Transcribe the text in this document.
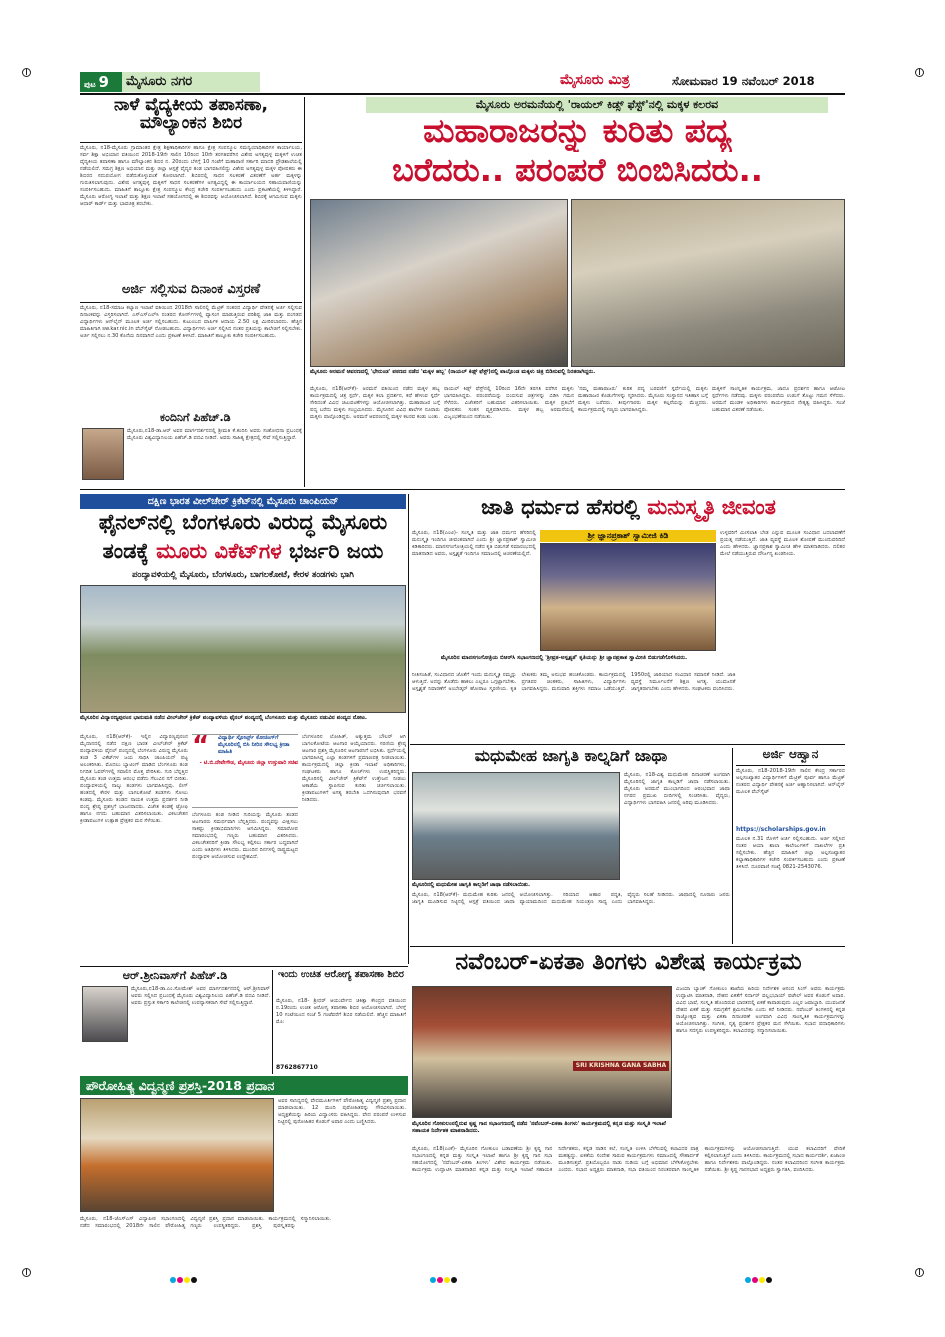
ಪುಟ 9	ಮೈಸೂರು ನಗರ	ಮೈಸೂರು ಮಿತ್ರ	ಸೋಮವಾರ 19 ನವೆಂಬರ್ 2018
ನಾಳೆ ವೈದ್ಯಕೀಯ ತಪಾಸಣಾ, ಮೌಲ್ಯಾಂಕನ ಶಿಬಿರ
ಮೈಸೂರು, ನ18-ಮೈಸೂರು ಗ್ರಾಮಾಂತರ ಕ್ಷೇತ್ರ ಶಿಕ್ಷಣಾಧಿಕಾರಿಗಳ ಹಾಗೂ ಕ್ಷೇತ್ರ ಸಂಪನ್ಮೂಲ ಸಮನ್ವಯಾಧಿಕಾರಿಗಳ ಕಾರ್ಯಾಲಯ, ಸರ್ವ ಶಿಕ್ಷಾ ಅಭಿಯಾನ ವತಿಯಿಂದ 2018-19ನೇ ಸಾಲಿನ 10ರಿಂದ 10ನೇ ತರಗತಿವರೆಗಿನ ವಿಶೇಷ ಅಗತ್ಯವುಳ್ಳ ಮಕ್ಕಳಿಗೆ ಉಚಿತ ವೈದ್ಯಕೀಯ ತಪಾಸಣಾ ಹಾಗೂ ಮೌಲ್ಯಾಂಕನ ಶಿಬಿರ ನ. 20ರಂದು ಬೆಳಗ್ಗೆ 10 ಗಂಟೆಗೆ ಮಹಾರಾಣಿ ಸರ್ಕಾರಿ ಮಾದರಿ ಪ್ರೌಢಶಾಲೆಯಲ್ಲಿ ನಡೆಯಲಿದೆ. ಸಮಗ್ರ ಶಿಕ್ಷಣ ಅಭಿಯಾನ ಮತ್ತು ಜಿಲ್ಲಾ ಆಸ್ಪತ್ರೆ ವೈದ್ಯರ ತಂಡ ಭಾಗವಹಿಸಲಿದ್ದು ವಿಶೇಷ ಅಗತ್ಯವುಳ್ಳ ಮಕ್ಕಳ ಪೋಷಕರು ಈ ಶಿಬಿರದ ಸದುಪಯೋಗ ಪಡೆದುಕೊಳ್ಳುವಂತೆ ಕೋರಲಾಗಿದೆ. ಶಿಬಿರದಲ್ಲಿ ಸಾಧನ ಸಲಕರಣೆ ವಿತರಣೆಗೆ ಅರ್ಹ ಮಕ್ಕಳನ್ನು ಗುರುತಿಸಲಾಗುವುದು. ವಿಶೇಷ ಅಗತ್ಯವುಳ್ಳ ಮಕ್ಕಳಿಗೆ ಸಾಧನ ಸಲಕರಣೆಗಳ ಅಗತ್ಯವಿದ್ದಲ್ಲಿ ಈ ಕಾರ್ಯಾಲಯದ ಸಹಾಯವಾಣಿಯನ್ನು ಸಂಪರ್ಕಿಸಬಹುದು. ಮಾಹಿತಿಗೆ ತಾಲ್ಲೂಕು ಕ್ಷೇತ್ರ ಸಂಪನ್ಮೂಲ ಕೇಂದ್ರ ಕಚೇರಿ ಸಂಪರ್ಕಿಸಬಹುದು ಎಂದು ಪ್ರಕಟಣೆಯಲ್ಲಿ ತಿಳಿಸಿದ್ದಾರೆ. ಮೈಸೂರು ಆರೋಗ್ಯ ಇಲಾಖೆ ಮತ್ತು ಶಿಕ್ಷಣ ಇಲಾಖೆ ಸಹಯೋಗದಲ್ಲಿ ಈ ಶಿಬಿರವನ್ನು ಆಯೋಜಿಸಲಾಗಿದೆ. ಶಿಬಿರಕ್ಕೆ ಆಗಮಿಸುವ ಮಕ್ಕಳು ಆಧಾರ್ ಕಾರ್ಡ್ ಮತ್ತು ಭಾವಚಿತ್ರ ತರಬೇಕು.
ಅರ್ಜಿ ಸಲ್ಲಿಸುವ ದಿನಾಂಕ ವಿಸ್ತರಣೆ
ಮೈಸೂರು, ನ18-ಸಮಾಜ ಕಲ್ಯಾಣ ಇಲಾಖೆ ವತಿಯಿಂದ 2018ನೇ ಸಾಲಿನಲ್ಲಿ ಮೆಟ್ರಿಕ್ ನಂತರದ ವಿದ್ಯಾರ್ಥಿ ವೇತನಕ್ಕೆ ಅರ್ಜಿ ಸಲ್ಲಿಸುವ ದಿನಾಂಕವನ್ನು ವಿಸ್ತರಿಸಲಾಗಿದೆ. ಎಸ್ಎಸ್ಎಲ್‌ಸಿ ನಂತರದ ಕೋರ್ಸ್‌ಗಳಲ್ಲಿ ವ್ಯಾಸಂಗ ಮಾಡುತ್ತಿರುವ ಪರಿಶಿಷ್ಟ ಜಾತಿ ಮತ್ತು ಪಂಗಡದ ವಿದ್ಯಾರ್ಥಿಗಳು ಆನ್‌ಲೈನ್ ಮೂಲಕ ಅರ್ಜಿ ಸಲ್ಲಿಸಬಹುದು. ಕುಟುಂಬದ ವಾರ್ಷಿಕ ಆದಾಯ 2.50 ಲಕ್ಷ ಮೀರಿರಬಾರದು. ಹೆಚ್ಚಿನ ಮಾಹಿತಿಗಾಗಿ sw.kar.nic.in ವೆಬ್‌ಸೈಟ್ ನೋಡಬಹುದು. ವಿದ್ಯಾರ್ಥಿಗಳು ಅರ್ಜಿ ಸಲ್ಲಿಸಿದ ನಂತರ ಪ್ರತಿಯನ್ನು ಕಾಲೇಜಿಗೆ ಸಲ್ಲಿಸಬೇಕು. ಅರ್ಜಿ ಸಲ್ಲಿಸಲು ನ.30 ಕೊನೆಯ ದಿನವಾಗಿದೆ ಎಂದು ಪ್ರಕಟಣೆ ತಿಳಿಸಿದೆ. ಮಾಹಿತಿಗೆ ತಾಲ್ಲೂಕು ಕಚೇರಿ ಸಂಪರ್ಕಿಸಬಹುದು.
ಕಂದಿನಿಗೆ ಪಿಹೆಚ್.ಡಿ
ಮೈಸೂರು,ನ18-ಡಾ.ಆರ್ ಅವರ ಮಾರ್ಗದರ್ಶನದಲ್ಲಿ ಶ್ರೀಮತಿ ಕೆ.ಕಂದಿನಿ ಅವರು ಸಂಶೋಧನಾ ಪ್ರಬಂಧಕ್ಕೆ ಮೈಸೂರು ವಿಶ್ವವಿದ್ಯಾನಿಲಯ ಪಿಹೆಚ್.ಡಿ ಪದವಿ ನೀಡಿದೆ. ಅವರು ಸಾಹಿತ್ಯ ಕ್ಷೇತ್ರದಲ್ಲಿ ಸೇವೆ ಸಲ್ಲಿಸುತ್ತಿದ್ದಾರೆ.
ಮೈಸೂರು ಅರಮನೆಯಲ್ಲಿ 'ರಾಯಲ್ ಕಿಡ್ಸ್ ಫೆಸ್ಟ್'ನಲ್ಲಿ ಮಕ್ಕಳ ಕಲರವ
ಮಹಾರಾಜರನ್ನು ಕುರಿತು ಪದ್ಯ
ಬರೆದರು.. ಪರಂಪರೆ ಬಿಂಬಿಸಿದರು..
ಮೈಸೂರು ಅರಮನೆ ಆವರಣದಲ್ಲಿ 'ಭೇರುಂಡ' ಪಠಣದ ನಡೆದ 'ಮಕ್ಕಳ ಹಬ್ಬ' (ರಾಯಲ್ ಕಿಡ್ಸ್ ಫೆಸ್ಟ್)ನಲ್ಲಿ ಪಾಲ್ಗೊಂಡ ಮಕ್ಕಳು ಚಿತ್ರ ಬಿಡಿಸುವಲ್ಲಿ ನಿರತರಾಗಿದ್ದರು.
ಮೈಸೂರು, ನ18(ಆರ್‌ಕೆ)- ಅರಮನೆ ವತಿಯಿಂದ ನಡೆದ ಮಕ್ಕಳ ಹಬ್ಬ ಕಾರ್ಯಕ್ರಮದಲ್ಲಿ ಚಿತ್ರ ಸ್ಪರ್ಧೆ, ಮಕ್ಕಳ ಕಲಾ ಪ್ರದರ್ಶನ, ಕಥೆ ಹೇಳುವ ಸ್ಪರ್ಧೆ ಸೇರಿದಂತೆ ವಿವಿಧ ಚಟುವಟಿಕೆಗಳನ್ನು ಆಯೋಜಿಸಲಾಗಿತ್ತು. ಮಹಾರಾಜರ ಬಗ್ಗೆ ಪದ್ಯ ಬರೆದು ಮಕ್ಕಳು ಸಂಭ್ರಮಿಸಿದರು. ಮೈಸೂರಿನ ವಿವಿಧ ಶಾಲೆಗಳ ನೂರಾರು ಮಕ್ಕಳು ಪಾಲ್ಗೊಂಡಿದ್ದರು. ಅರಮನೆ ಆವರಣದಲ್ಲಿ ಮಕ್ಕಳ ಕಲರವ ಕಂಡು ಬಂತು.
ರಾಯಲ್ ಕಿಡ್ಸ್ ಫೆಸ್ಟ್‌ನಲ್ಲಿ 10ರಿಂದ 16ನೇ ತರಗತಿ ವರೆಗಿನ ಮಕ್ಕಳು ಭಾಗವಹಿಸಿದ್ದರು. ಪರಂಪರೆಯನ್ನು ಬಿಂಬಿಸುವ ಚಿತ್ರಗಳನ್ನು ಬಿಡಿಸಿ ಗಮನ ಸೆಳೆದರು. ವಿಜೇತರಿಗೆ ಬಹುಮಾನ ವಿತರಿಸಲಾಯಿತು. ಮಕ್ಕಳ ಪ್ರತಿಭೆಗೆ ಪೋಷಕರು ಸಂತಸ ವ್ಯಕ್ತಪಡಿಸಿದರು. ಮಕ್ಕಳ ಹಬ್ಬ ಅರಮನೆಯಲ್ಲಿ ವಿಜೃಂಭಣೆಯಿಂದ ನಡೆಯಿತು.
'ನಮ್ಮ ಮಹಾರಾಜರು' ಕುರಿತ ಪದ್ಯ ಬರವಣಿಗೆ ಸ್ಪರ್ಧೆಯಲ್ಲಿ ಮಕ್ಕಳು ಮಹಾರಾಜರ ಕೊಡುಗೆಗಳನ್ನು ಸ್ಮರಿಸಿದರು. ಮೈಸೂರು ಸಂಸ್ಥಾನದ ಇತಿಹಾಸ ಬಗ್ಗೆ ಮಕ್ಕಳು ಬರೆದರು. ತೀರ್ಪುಗಾರರು ಮಕ್ಕಳ ಕಲ್ಪನೆಯನ್ನು ಮೆಚ್ಚಿದರು. ಕಾರ್ಯಕ್ರಮದಲ್ಲಿ ಗಣ್ಯರು ಭಾಗವಹಿಸಿದ್ದರು.
ಮಕ್ಕಳಿಗೆ ಸಾಂಸ್ಕೃತಿಕ ಕಾರ್ಯಕ್ರಮ, ಜಾದೂ ಪ್ರದರ್ಶನ ಹಾಗೂ ಆಟೋಟ ಸ್ಪರ್ಧೆಗಳು ನಡೆದವು. ಮಕ್ಕಳು ಪರಂಪರೆಯ ಉಡುಗೆ ತೊಟ್ಟು ಗಮನ ಸೆಳೆದರು. ಅರಮನೆ ಮಂಡಳಿ ಅಧಿಕಾರಿಗಳು ಕಾರ್ಯಕ್ರಮದ ನೇತೃತ್ವ ವಹಿಸಿದ್ದರು. ಸಂಜೆ ಬಹುಮಾನ ವಿತರಣೆ ನಡೆಯಿತು.
ದಕ್ಷಿಣ ಭಾರತ ವೀಲ್‌ಚೇರ್ ಕ್ರಿಕೆಟ್‌ನಲ್ಲಿ ಮೈಸೂರು ಚಾಂಪಿಯನ್
ಫೈನಲ್‌ನಲ್ಲಿ ಬೆಂಗಳೂರು ವಿರುದ್ಧ ಮೈಸೂರು
ತಂಡಕ್ಕೆ ಮೂರು ವಿಕೆಟ್‌ಗಳ ಭರ್ಜರಿ ಜಯ
ಪಂದ್ಯಾವಳಿಯಲ್ಲಿ ಮೈಸೂರು, ಬೆಂಗಳೂರು, ಬಾಗಲಕೋಟೆ, ಕೇರಳ ತಂಡಗಳು ಭಾಗಿ
ಮೈಸೂರಿನ ವಿದ್ಯಾರಣ್ಯಪುರಂನ ಭಾನುಮತಿ ನಡೆದ ವೀಲ್‌ಚೇರ್ ಕ್ರಿಕೆಟ್ ಪಂದ್ಯಾವಳಿಯ ಫೈನಲ್ ಪಂದ್ಯದಲ್ಲಿ ಬೆಂಗಳೂರು ಮತ್ತು ಮೈಸೂರು ನಡುವಿನ ಪಂದ್ಯದ ನೋಟ.
ಮೈಸೂರು, ನ18(ಆರ್‌ಕೆ)- ಇಲ್ಲಿನ ವಿದ್ಯಾರಣ್ಯಪುರಂನ ಮೈದಾನದಲ್ಲಿ ನಡೆದ ದಕ್ಷಿಣ ಭಾರತ ವೀಲ್‌ಚೇರ್ ಕ್ರಿಕೆಟ್ ಪಂದ್ಯಾವಳಿಯ ಫೈನಲ್ ಪಂದ್ಯದಲ್ಲಿ ಬೆಂಗಳೂರು ವಿರುದ್ಧ ಮೈಸೂರು ತಂಡ 3 ವಿಕೆಟ್‌ಗಳ ಜಯ ಸಾಧಿಸಿ ಚಾಂಪಿಯನ್ ಪಟ್ಟ ಅಲಂಕರಿಸಿತು. ಮೊದಲು ಬ್ಯಾಟಿಂಗ್ ಮಾಡಿದ ಬೆಂಗಳೂರು ತಂಡ ನಿಗದಿತ ಓವರ್‌ಗಳಲ್ಲಿ ಸವಾಲಿನ ಮೊತ್ತ ಪೇರಿಸಿತು. ಗುರಿ ಬೆನ್ನತ್ತಿದ ಮೈಸೂರು ತಂಡ ಉತ್ತಮ ಆರಂಭ ಪಡೆದು ಗೆಲುವಿನ ನಗೆ ಬೀರಿತು. ಪಂದ್ಯಾವಳಿಯಲ್ಲಿ ನಾಲ್ಕು ತಂಡಗಳು ಭಾಗವಹಿಸಿದ್ದವು. ಲೀಗ್ ಹಂತದಲ್ಲಿ ಕೇರಳ ಮತ್ತು ಬಾಗಲಕೋಟೆ ತಂಡಗಳು ಸೋಲು ಕಂಡವು. ಮೈಸೂರು ತಂಡದ ನಾಯಕ ಉತ್ತಮ ಪ್ರದರ್ಶನ ನೀಡಿ ಪಂದ್ಯ ಶ್ರೇಷ್ಠ ಪ್ರಶಸ್ತಿಗೆ ಭಾಜನರಾದರು. ವಿಜೇತ ತಂಡಕ್ಕೆ ಟ್ರೋಫಿ ಹಾಗೂ ನಗದು ಬಹುಮಾನ ವಿತರಿಸಲಾಯಿತು. ವಿಕಲಚೇತನ ಕ್ರೀಡಾಪಟುಗಳ ಉತ್ಸಾಹ ಪ್ರೇಕ್ಷಕರ ಮನ ಸೆಳೆಯಿತು.
“	ವಿದ್ಯಾರ್ಥಿ ಸ್ಪೋರ್ಟ್ಸ್ ಕೋಚಿಂಗ್‌ಗೆ ಮೈಸೂರಿನಲ್ಲಿ ಬಿಸಿ ನೀರಿನ ಸೌಲಭ್ಯ ಕ್ರೀಡಾ ಮಾಹಿತಿ
- ಟಿ.ಬಿ.ದೇವೇಗೌಡ, ಮೈಸೂರು ಜಿಲ್ಲಾ ಉಸ್ತುವಾರಿ ಸಚಿವ
ಬೆಂಗಳೂರು ತಂಡ ನೀಡಿದ ಗುರಿಯನ್ನು ಮೈಸೂರು ತಂಡದ ಆಟಗಾರರು ಸಮರ್ಥವಾಗಿ ಬೆನ್ನತ್ತಿದರು. ಪಂದ್ಯವನ್ನು ವೀಕ್ಷಿಸಲು ಸಾಕಷ್ಟು ಕ್ರೀಡಾಭಿಮಾನಿಗಳು ಆಗಮಿಸಿದ್ದರು. ಸಮಾರೋಪ ಸಮಾರಂಭದಲ್ಲಿ ಗಣ್ಯರು ಬಹುಮಾನ ವಿತರಿಸಿದರು. ವಿಕಲಚೇತನರಿಗೆ ಕ್ರೀಡಾ ಸೌಲಭ್ಯ ಕಲ್ಪಿಸಲು ಸರ್ಕಾರ ಬದ್ಧವಾಗಿದೆ ಎಂದು ಅತಿಥಿಗಳು ತಿಳಿಸಿದರು. ಮುಂದಿನ ದಿನಗಳಲ್ಲಿ ರಾಷ್ಟ್ರಮಟ್ಟದ ಪಂದ್ಯಾವಳಿ ಆಯೋಜಿಸುವ ಉದ್ದೇಶವಿದೆ.
ಬೆಂಗಳೂರಿನ ಲೋಹಿತ್, ಅತ್ಯುತ್ತಮ ಬೌಲರ್ ಆಗಿ ಬಾಗಲಕೋಟೆಯ ಆಟಗಾರ ಆಯ್ಕೆಯಾದರು. ಸರಣಿಯ ಶ್ರೇಷ್ಠ ಆಟಗಾರ ಪ್ರಶಸ್ತಿ ಮೈಸೂರಿನ ಆಟಗಾರನಿಗೆ ಲಭಿಸಿತು. ಸ್ಪರ್ಧೆಯಲ್ಲಿ ಭಾಗವಹಿಸಿದ್ದ ಎಲ್ಲಾ ತಂಡಗಳಿಗೆ ಪ್ರಮಾಣಪತ್ರ ನೀಡಲಾಯಿತು. ಕಾರ್ಯಕ್ರಮದಲ್ಲಿ ಜಿಲ್ಲಾ ಕ್ರೀಡಾ ಇಲಾಖೆ ಅಧಿಕಾರಿಗಳು, ಸಂಘಟಕರು ಹಾಗೂ ಕೋಚ್‌ಗಳು ಉಪಸ್ಥಿತರಿದ್ದರು. ಮೈಸೂರಿನಲ್ಲಿ ವೀಲ್‌ಚೇರ್ ಕ್ರಿಕೆಟ್‌ಗೆ ಉತ್ತೇಜನ ನೀಡಲು ಅಕಾಡೆಮಿ ಸ್ಥಾಪಿಸುವ ಕುರಿತು ಚರ್ಚಿಸಲಾಯಿತು. ಕ್ರೀಡಾಪಟುಗಳಿಗೆ ಅಗತ್ಯ ತರಬೇತಿ ಒದಗಿಸುವುದಾಗಿ ಭರವಸೆ ನೀಡಿದರು.
ಜಾತಿ ಧರ್ಮದ ಹೆಸರಲ್ಲಿ ಮನುಸ್ಮೃತಿ ಜೀವಂತ
ಮೈಸೂರು, ನ18(ಎಂಟಿ)- ಸಂಸ್ಕೃತಿ ಮತ್ತು ಜಾತಿ ಧರ್ಮದ ಹೆಸರಿನಲ್ಲಿ ಮನುಸ್ಮೃತಿ ಇಂದಿಗೂ ಜೀವಂತವಾಗಿದೆ ಎಂದು ಶ್ರೀ ಜ್ಞಾನಪ್ರಕಾಶ್ ಸ್ವಾಮೀಜಿ ಕಿಡಿಕಾರಿದರು. ಮಾನಸಗಂಗೋತ್ರಿಯಲ್ಲಿ ನಡೆದ ಕೃತಿ ಬಿಡುಗಡೆ ಸಮಾರಂಭದಲ್ಲಿ ಮಾತನಾಡಿದ ಅವರು, ಅಸ್ಪೃಶ್ಯತೆ ಇಂದಿಗೂ ಸಮಾಜದಲ್ಲಿ ಆಚರಣೆಯಲ್ಲಿದೆ.
ಶ್ರೀ ಜ್ಞಾನಪ್ರಕಾಶ್ ಸ್ವಾಮೀಜಿ ಕಿಡಿ	ಉಳ್ಳವರಿಗೆ ಮೀಸಲಾತಿ ಬೇಡ ಎನ್ನುವ ಮೂಲಕ ಸಂವಿಧಾನ ಬದಲಾವಣೆಗೆ ಪ್ರಯತ್ನ ನಡೆಯುತ್ತಿದೆ. ಜಾತಿ ವ್ಯವಸ್ಥೆ ಮೂಲಕ ಶೋಷಣೆ ಮುಂದುವರಿದಿದೆ ಎಂದು ಹೇಳಿದರು. ಜ್ಞಾನಪ್ರಕಾಶ ಸ್ವಾಮೀಜಿ ಹೇಳಿ ಮಾತನಾಡಿದರು. ದಲಿತರ ಮೇಲೆ ನಡೆಯುತ್ತಿರುವ ದೌರ್ಜನ್ಯ ಖಂಡನೀಯ.
ಮೈಸೂರಿನ ಮಾನಸಗಂಗೋತ್ರಿಯ ಬಿಆರ್‌ಸಿ ಸಭಾಂಗಣದಲ್ಲಿ 'ಶ್ರೀವ್ರತ-ಅಸ್ಪೃಶ್ಯತೆ' ಕೃತಿಯನ್ನು ಶ್ರೀ ಜ್ಞಾನಪ್ರಕಾಶ ಸ್ವಾಮೀಜಿ ಬಿಡುಗಡೆಗೊಳಿಸಿದರು.
ನೀತಿಸಂಹಿತೆ, ಸಂವಿಧಾನದ ಜೊತೆಗೆ ಇಂದು ಮನುಸ್ಮೃತಿ ನಮ್ಮನ್ನು ಆಳುತ್ತಿದೆ. ಅದನ್ನು ತೊಡೆದು ಹಾಕಲು ಎಲ್ಲರೂ ಒಗ್ಗಟ್ಟಾಗಬೇಕು. ಅಸ್ಪೃಶ್ಯತೆ ನಿವಾರಣೆಗೆ ಅಂಬೇಡ್ಕರ್ ಹೋರಾಟ ಸ್ಮರಣೀಯ. ಕೃತಿ ಲೇಖಕರು ತಮ್ಮ ಅನುಭವ ಹಂಚಿಕೊಂಡರು. ಕಾರ್ಯಕ್ರಮದಲ್ಲಿ ಪ್ರಗತಿಪರ ಚಿಂತಕರು, ಸಾಹಿತಿಗಳು, ವಿದ್ಯಾರ್ಥಿಗಳು ಭಾಗವಹಿಸಿದ್ದರು. ಮನುವಾದಿ ಶಕ್ತಿಗಳು ಸಮಾಜ ಒಡೆಯುತ್ತಿವೆ. 1950ರಲ್ಲಿ ಜಾರಿಯಾದ ಸಂವಿಧಾನ ಸಮಾನತೆ ನೀಡಿದೆ. ಜಾತಿ ವ್ಯವಸ್ಥೆ ನಿರ್ಮೂಲನೆಗೆ ಶಿಕ್ಷಣ ಅಗತ್ಯ. ಯುವಜನತೆ ಜಾಗೃತರಾಗಬೇಕು ಎಂದು ಹೇಳಿದರು. ಸಂಘಟಕರು ವಂದಿಸಿದರು.
ಮಧುಮೇಹ ಜಾಗೃತಿ ಕಾಲ್ನಡಿಗೆ ಜಾಥಾ
ಮೈಸೂರು, ನ18-ವಿಶ್ವ ಮಧುಮೇಹ ದಿನಾಚರಣೆ ಅಂಗವಾಗಿ ಮೈಸೂರಿನಲ್ಲಿ ಜಾಗೃತಿ ಕಾಲ್ನಡಿಗೆ ಜಾಥಾ ನಡೆಸಲಾಯಿತು. ಮೈಸೂರು ಅರಮನೆ ಮುಂಭಾಗದಿಂದ ಆರಂಭವಾದ ಜಾಥಾ ನಗರದ ಪ್ರಮುಖ ಬೀದಿಗಳಲ್ಲಿ ಸಂಚರಿಸಿತು. ವೈದ್ಯರು, ವಿದ್ಯಾರ್ಥಿಗಳು ಭಾಗವಹಿಸಿ ಜನರಲ್ಲಿ ಅರಿವು ಮೂಡಿಸಿದರು.
ಮೈಸೂರಿನಲ್ಲಿ ಮಧುಮೇಹ ಜಾಗೃತಿ ಕಾಲ್ನಡಿಗೆ ಜಾಥಾ ನಡೆಸಲಾಯಿತು.
ಮೈಸೂರು, ನ18(ಆರ್‌ಕೆ)- ಮಧುಮೇಹ ಕುರಿತು ಜನರಲ್ಲಿ ಜಾಗೃತಿ ಮೂಡಿಸುವ ನಿಟ್ಟಿನಲ್ಲಿ ಆಸ್ಪತ್ರೆ ವತಿಯಿಂದ ಜಾಥಾ ಆಯೋಜಿಸಲಾಗಿತ್ತು. ಸರಿಯಾದ ಆಹಾರ ಪದ್ಧತಿ, ವ್ಯಾಯಾಮದಿಂದ ಮಧುಮೇಹ ನಿಯಂತ್ರಣ ಸಾಧ್ಯ ಎಂದು ವೈದ್ಯರು ಸಲಹೆ ನೀಡಿದರು. ಜಾಥಾದಲ್ಲಿ ನೂರಾರು ಜನರು ಭಾಗವಹಿಸಿದ್ದರು.
ಅರ್ಜಿ ಆಹ್ವಾನ
ಮೈಸೂರು, ನ18-2018-19ನೇ ಸಾಲಿನ ಕೇಂದ್ರ ಸರ್ಕಾರದ ಅಲ್ಪಸಂಖ್ಯಾತರ ವಿದ್ಯಾರ್ಥಿಗಳಿಗೆ ಮೆಟ್ರಿಕ್ ಪೂರ್ವ ಹಾಗೂ ಮೆಟ್ರಿಕ್ ನಂತರದ ವಿದ್ಯಾರ್ಥಿ ವೇತನಕ್ಕೆ ಅರ್ಜಿ ಆಹ್ವಾನಿಸಲಾಗಿದೆ. ಆನ್‌ಲೈನ್ ಮೂಲಕ ವೆಬ್‌ಸೈಟ್
https://scholarships.gov.in
ಮೂಲಕ ನ.31 ರೊಳಗೆ ಅರ್ಜಿ ಸಲ್ಲಿಸಬಹುದು. ಅರ್ಜಿ ಸಲ್ಲಿಸಿದ ನಂತರ ಆಯಾ ಶಾಲಾ ಕಾಲೇಜುಗಳಿಗೆ ದಾಖಲೆಗಳ ಪ್ರತಿ ಸಲ್ಲಿಸಬೇಕು. ಹೆಚ್ಚಿನ ಮಾಹಿತಿಗೆ ಜಿಲ್ಲಾ ಅಲ್ಪಸಂಖ್ಯಾತರ ಕಲ್ಯಾಣಾಧಿಕಾರಿಗಳ ಕಚೇರಿ ಸಂಪರ್ಕಿಸಬಹುದು ಎಂದು ಪ್ರಕಟಣೆ ತಿಳಿಸಿದೆ. ದೂರವಾಣಿ ಸಂಖ್ಯೆ 0821-2543076.
ಆರ್.ಶ್ರೀನಿವಾಸ್‌ಗೆ ಪಿಹೆಚ್.ಡಿ
ಮೈಸೂರು,ನ18-ಡಾ.ಎಂ.ಸೋಮೇಶ್ ಅವರ ಮಾರ್ಗದರ್ಶನದಲ್ಲಿ ಆರ್.ಶ್ರೀನಿವಾಸ್ ಅವರು ಸಲ್ಲಿಸಿದ ಪ್ರಬಂಧಕ್ಕೆ ಮೈಸೂರು ವಿಶ್ವವಿದ್ಯಾನಿಲಯ ಪಿಹೆಚ್.ಡಿ ಪದವಿ ನೀಡಿದೆ. ಅವರು ಪ್ರಸ್ತುತ ಸರ್ಕಾರಿ ಕಾಲೇಜಿನಲ್ಲಿ ಉಪನ್ಯಾಸಕರಾಗಿ ಸೇವೆ ಸಲ್ಲಿಸುತ್ತಿದ್ದಾರೆ.
ಇಂದು ಉಚಿತ ಆರೋಗ್ಯ ತಪಾಸಣಾ ಶಿಬಿರ
ಮೈಸೂರು, ನ18- ಶ್ರೀಧರ್ ಆಯುರ್ವೇದ ಚಿಕಿತ್ಸಾ ಕೇಂದ್ರದ ವತಿಯಿಂದ ನ.19ರಂದು ಉಚಿತ ಆರೋಗ್ಯ ತಪಾಸಣಾ ಶಿಬಿರ ಆಯೋಜಿಸಲಾಗಿದೆ. ಬೆಳಗ್ಗೆ 10 ಗಂಟೆಯಿಂದ ಸಂಜೆ 5 ಗಂಟೆವರೆಗೆ ಶಿಬಿರ ನಡೆಯಲಿದೆ. ಹೆಚ್ಚಿನ ಮಾಹಿತಿಗೆ ಮೊ:
8762867710
ಪೌರೋಹಿತ್ಯ ವಿದ್ವನ್ಮಣಿ ಪ್ರಶಸ್ತಿ-2018 ಪ್ರದಾನ
ಅವರ ಸಾನಿಧ್ಯದಲ್ಲಿ ವೇದಮೂರ್ತಿಗಳಿಗೆ ಪೌರೋಹಿತ್ಯ ವಿದ್ವನ್ಮಣಿ ಪ್ರಶಸ್ತಿ ಪ್ರದಾನ ಮಾಡಲಾಯಿತು. 12 ಮಂದಿ ಪುರೋಹಿತರನ್ನು ಗೌರವಿಸಲಾಯಿತು. ಅಧ್ಯಕ್ಷತೆಯನ್ನು ಹಿರಿಯ ವಿದ್ವಾಂಸರು ವಹಿಸಿದ್ದರು. ವೇದ ಪರಂಪರೆ ಉಳಿಸುವ ನಿಟ್ಟಿನಲ್ಲಿ ಪುರೋಹಿತರ ಕೊಡುಗೆ ಅಪಾರ ಎಂದು ಬಣ್ಣಿಸಿದರು.
ಮೈಸೂರು, ನ18-ಜೆಎಸ್ಎಸ್ ವಿದ್ಯಾಪೀಠ ಸಭಾಂಗಣದಲ್ಲಿ ನಡೆದ ಸಮಾರಂಭದಲ್ಲಿ 2018ನೇ ಸಾಲಿನ ಪೌರೋಹಿತ್ಯ ವಿದ್ವನ್ಮಣಿ ಪ್ರಶಸ್ತಿ ಪ್ರದಾನ ಮಾಡಲಾಯಿತು. ಕಾರ್ಯಕ್ರಮದಲ್ಲಿ ಗಣ್ಯರು ಉಪಸ್ಥಿತರಿದ್ದರು. ಪ್ರಶಸ್ತಿ ಪುರಸ್ಕೃತರನ್ನು ಸನ್ಮಾನಿಸಲಾಯಿತು.
ನವೆಂಬರ್-ಏಕತಾ ತಿಂಗಳು ವಿಶೇಷ ಕಾರ್ಯಕ್ರಮ
SRI KRISHNA GANA SABHA
ವಿಜಯಾ ಬ್ಯಾಂಕ್ ಗೋಕುಲಂ ಶಾಖೆಯ ಹಿರಿಯ ನಿರ್ದೇಶಕ ಆನಂದ ಸಿಂಗ್ ಅವರು ಕಾರ್ಯಕ್ರಮ ಉದ್ಘಾಟಿಸಿ ಮಾತನಾಡಿ, ದೇಶದ ಏಕತೆಗೆ ಸರ್ದಾರ್ ವಲ್ಲಭಭಾಯ್ ಪಟೇಲ್ ಅವರ ಕೊಡುಗೆ ಅಪಾರ. ವಿವಿಧ ಭಾಷೆ, ಸಂಸ್ಕೃತಿ ಹೊಂದಿರುವ ಭಾರತದಲ್ಲಿ ಏಕತೆ ಕಾಪಾಡುವುದು ಎಲ್ಲರ ಜವಾಬ್ದಾರಿ. ಯುವಜನತೆ ದೇಶದ ಏಕತೆ ಮತ್ತು ಸಮಗ್ರತೆಗೆ ಶ್ರಮಿಸಬೇಕು ಎಂದು ಕರೆ ನೀಡಿದರು. ನವೆಂಬರ್ ತಿಂಗಳಿನಲ್ಲಿ ಕನ್ನಡ ರಾಜ್ಯೋತ್ಸವ ಮತ್ತು ಏಕತಾ ದಿನಾಚರಣೆ ಅಂಗವಾಗಿ ವಿವಿಧ ಸಾಂಸ್ಕೃತಿಕ ಕಾರ್ಯಕ್ರಮಗಳನ್ನು ಆಯೋಜಿಸಲಾಗಿತ್ತು. ಸಂಗೀತ, ನೃತ್ಯ ಪ್ರದರ್ಶನ ಪ್ರೇಕ್ಷಕರ ಮನ ಸೆಳೆಯಿತು. ಸಭಾದ ಪದಾಧಿಕಾರಿಗಳು ಹಾಗೂ ಸದಸ್ಯರು ಉಪಸ್ಥಿತರಿದ್ದರು. ಕಲಾವಿದರನ್ನು ಸನ್ಮಾನಿಸಲಾಯಿತು.
ಮೈಸೂರಿನ ಗೋಕುಲಂನಲ್ಲಿರುವ ಕೃಷ್ಣ ಗಾನ ಸಭಾಂಗಣದಲ್ಲಿ ನಡೆದ 'ನವೆಂಬರ್-ಏಕತಾ ತಿಂಗಳು' ಕಾರ್ಯಕ್ರಮದಲ್ಲಿ ಕನ್ನಡ ಮತ್ತು ಸಂಸ್ಕೃತಿ ಇಲಾಖೆ ಸಹಾಯಕ ನಿರ್ದೇಶಕ ಮಾತನಾಡಿದರು.
ಮೈಸೂರು, ನ18(ಎಂಕೆ)- ಮೈಸೂರಿನ ಗೋಕುಲಂ ಬಡಾವಣೆಯ ಶ್ರೀ ಕೃಷ್ಣ ಗಾನ ಸಭಾಂಗಣದಲ್ಲಿ ಕನ್ನಡ ಮತ್ತು ಸಂಸ್ಕೃತಿ ಇಲಾಖೆ ಹಾಗೂ ಶ್ರೀ ಕೃಷ್ಣ ಗಾನ ಸಭಾ ಸಹಯೋಗದಲ್ಲಿ 'ನವೆಂಬರ್-ಏಕತಾ ತಿಂಗಳು' ವಿಶೇಷ ಕಾರ್ಯಕ್ರಮ ನಡೆಯಿತು. ಕಾರ್ಯಕ್ರಮ ಉದ್ಘಾಟಿಸಿ ಮಾತನಾಡಿದ ಕನ್ನಡ ಮತ್ತು ಸಂಸ್ಕೃತಿ ಇಲಾಖೆ ಸಹಾಯಕ ನಿರ್ದೇಶಕರು, ಕನ್ನಡ ನಾಡಿನ ಕಲೆ, ಸಂಸ್ಕೃತಿ ಉಳಿಸಿ ಬೆಳೆಸುವಲ್ಲಿ ಕಲಾವಿದರ ಪಾತ್ರ ಮಹತ್ವದ್ದು. ಏಕತೆಯ ಸಂದೇಶ ಸಾರುವ ಕಾರ್ಯಕ್ರಮಗಳು ಸಮಾಜದಲ್ಲಿ ಸೌಹಾರ್ದತೆ ಮೂಡಿಸುತ್ತವೆ. ಪ್ರತಿಯೊಬ್ಬರೂ ನಾಡು ನುಡಿಯ ಬಗ್ಗೆ ಅಭಿಮಾನ ಬೆಳೆಸಿಕೊಳ್ಳಬೇಕು ಎಂದರು. ಸಭಾದ ಅಧ್ಯಕ್ಷರು ಮಾತನಾಡಿ, ಸಭಾ ವತಿಯಿಂದ ನಿರಂತರವಾಗಿ ಸಾಂಸ್ಕೃತಿಕ ಕಾರ್ಯಕ್ರಮಗಳನ್ನು ಆಯೋಜಿಸಲಾಗುತ್ತಿದೆ. ಯುವ ಕಲಾವಿದರಿಗೆ ವೇದಿಕೆ ಕಲ್ಪಿಸಲಾಗುತ್ತಿದೆ ಎಂದು ತಿಳಿಸಿದರು. ಕಾರ್ಯಕ್ರಮದಲ್ಲಿ ಸಭಾದ ಕಾರ್ಯದರ್ಶಿ, ಖಜಾಂಚಿ ಹಾಗೂ ನಿರ್ದೇಶಕರು ಪಾಲ್ಗೊಂಡಿದ್ದರು. ನಂತರ ಕಲಾವಿದರಿಂದ ಸಂಗೀತ ಕಾರ್ಯಕ್ರಮ ನಡೆಯಿತು. ಶ್ರೀ ಕೃಷ್ಣ ಗಾನಸಭಾದ ಅಧ್ಯಕ್ಷರು ಸ್ವಾಗತಿಸಿ, ವಂದಿಸಿದರು.
